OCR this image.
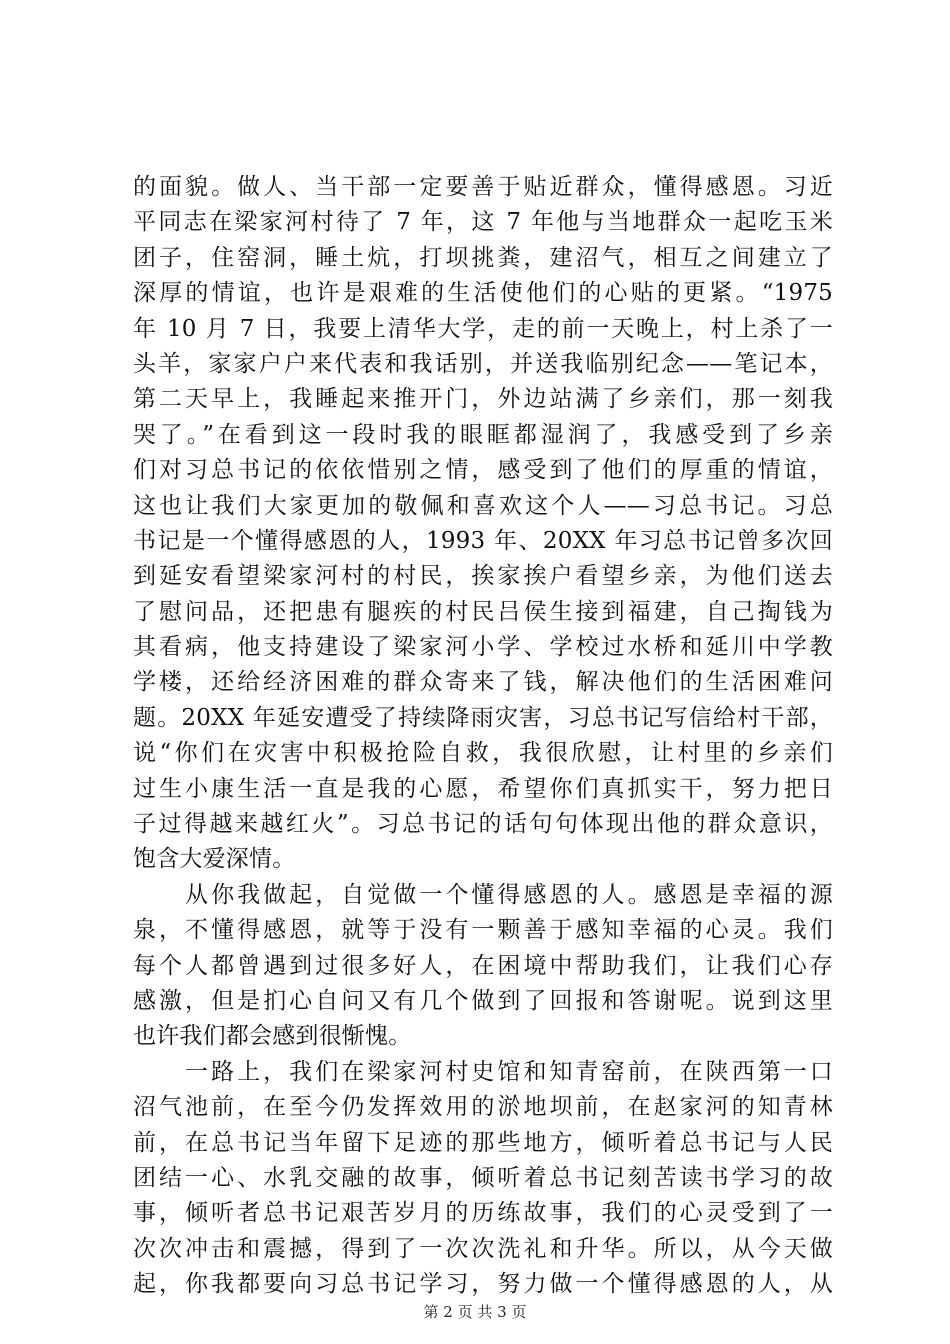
的面貌。做人、当干部一定要善于贴近群众，懂得感恩。习近
平同志在梁家河村待了 7 年，这 7 年他与当地群众一起吃玉米
团子，住窑洞，睡土炕，打坝挑粪，建沼气，相互之间建立了
深厚的情谊，也许是艰难的生活使他们的心贴的更紧。“1975
年 10 月 7 日，我要上清华大学，走的前一天晚上，村上杀了一
头羊，家家户户来代表和我话别，并送我临别纪念——笔记本，
第二天早上，我睡起来推开门，外边站满了乡亲们，那一刻我
哭了。”在看到这一段时我的眼眶都湿润了，我感受到了乡亲
们对习总书记的依依惜别之情，感受到了他们的厚重的情谊，
这也让我们大家更加的敬佩和喜欢这个人——习总书记。习总
书记是一个懂得感恩的人，1993 年、20XX 年习总书记曾多次回
到延安看望梁家河村的村民，挨家挨户看望乡亲，为他们送去
了慰问品，还把患有腿疾的村民吕侯生接到福建，自己掏钱为
其看病，他支持建设了梁家河小学、学校过水桥和延川中学教
学楼，还给经济困难的群众寄来了钱，解决他们的生活困难问
题。20XX 年延安遭受了持续降雨灾害，习总书记写信给村干部，
说“你们在灾害中积极抢险自救，我很欣慰，让村里的乡亲们
过生小康生活一直是我的心愿，希望你们真抓实干，努力把日
子过得越来越红火”。习总书记的话句句体现出他的群众意识，
饱含大爱深情。
　　从你我做起，自觉做一个懂得感恩的人。感恩是幸福的源
泉，不懂得感恩，就等于没有一颗善于感知幸福的心灵。我们
每个人都曾遇到过很多好人，在困境中帮助我们，让我们心存
感激，但是扪心自问又有几个做到了回报和答谢呢。说到这里
也许我们都会感到很惭愧。
　　一路上，我们在梁家河村史馆和知青窑前，在陕西第一口
沼气池前，在至今仍发挥效用的淤地坝前，在赵家河的知青林
前，在总书记当年留下足迹的那些地方，倾听着总书记与人民
团结一心、水乳交融的故事，倾听着总书记刻苦读书学习的故
事，倾听者总书记艰苦岁月的历练故事，我们的心灵受到了一
次次冲击和震撼，得到了一次次洗礼和升华。所以，从今天做
起，你我都要向习总书记学习，努力做一个懂得感恩的人，从
第 2 页 共 3 页
